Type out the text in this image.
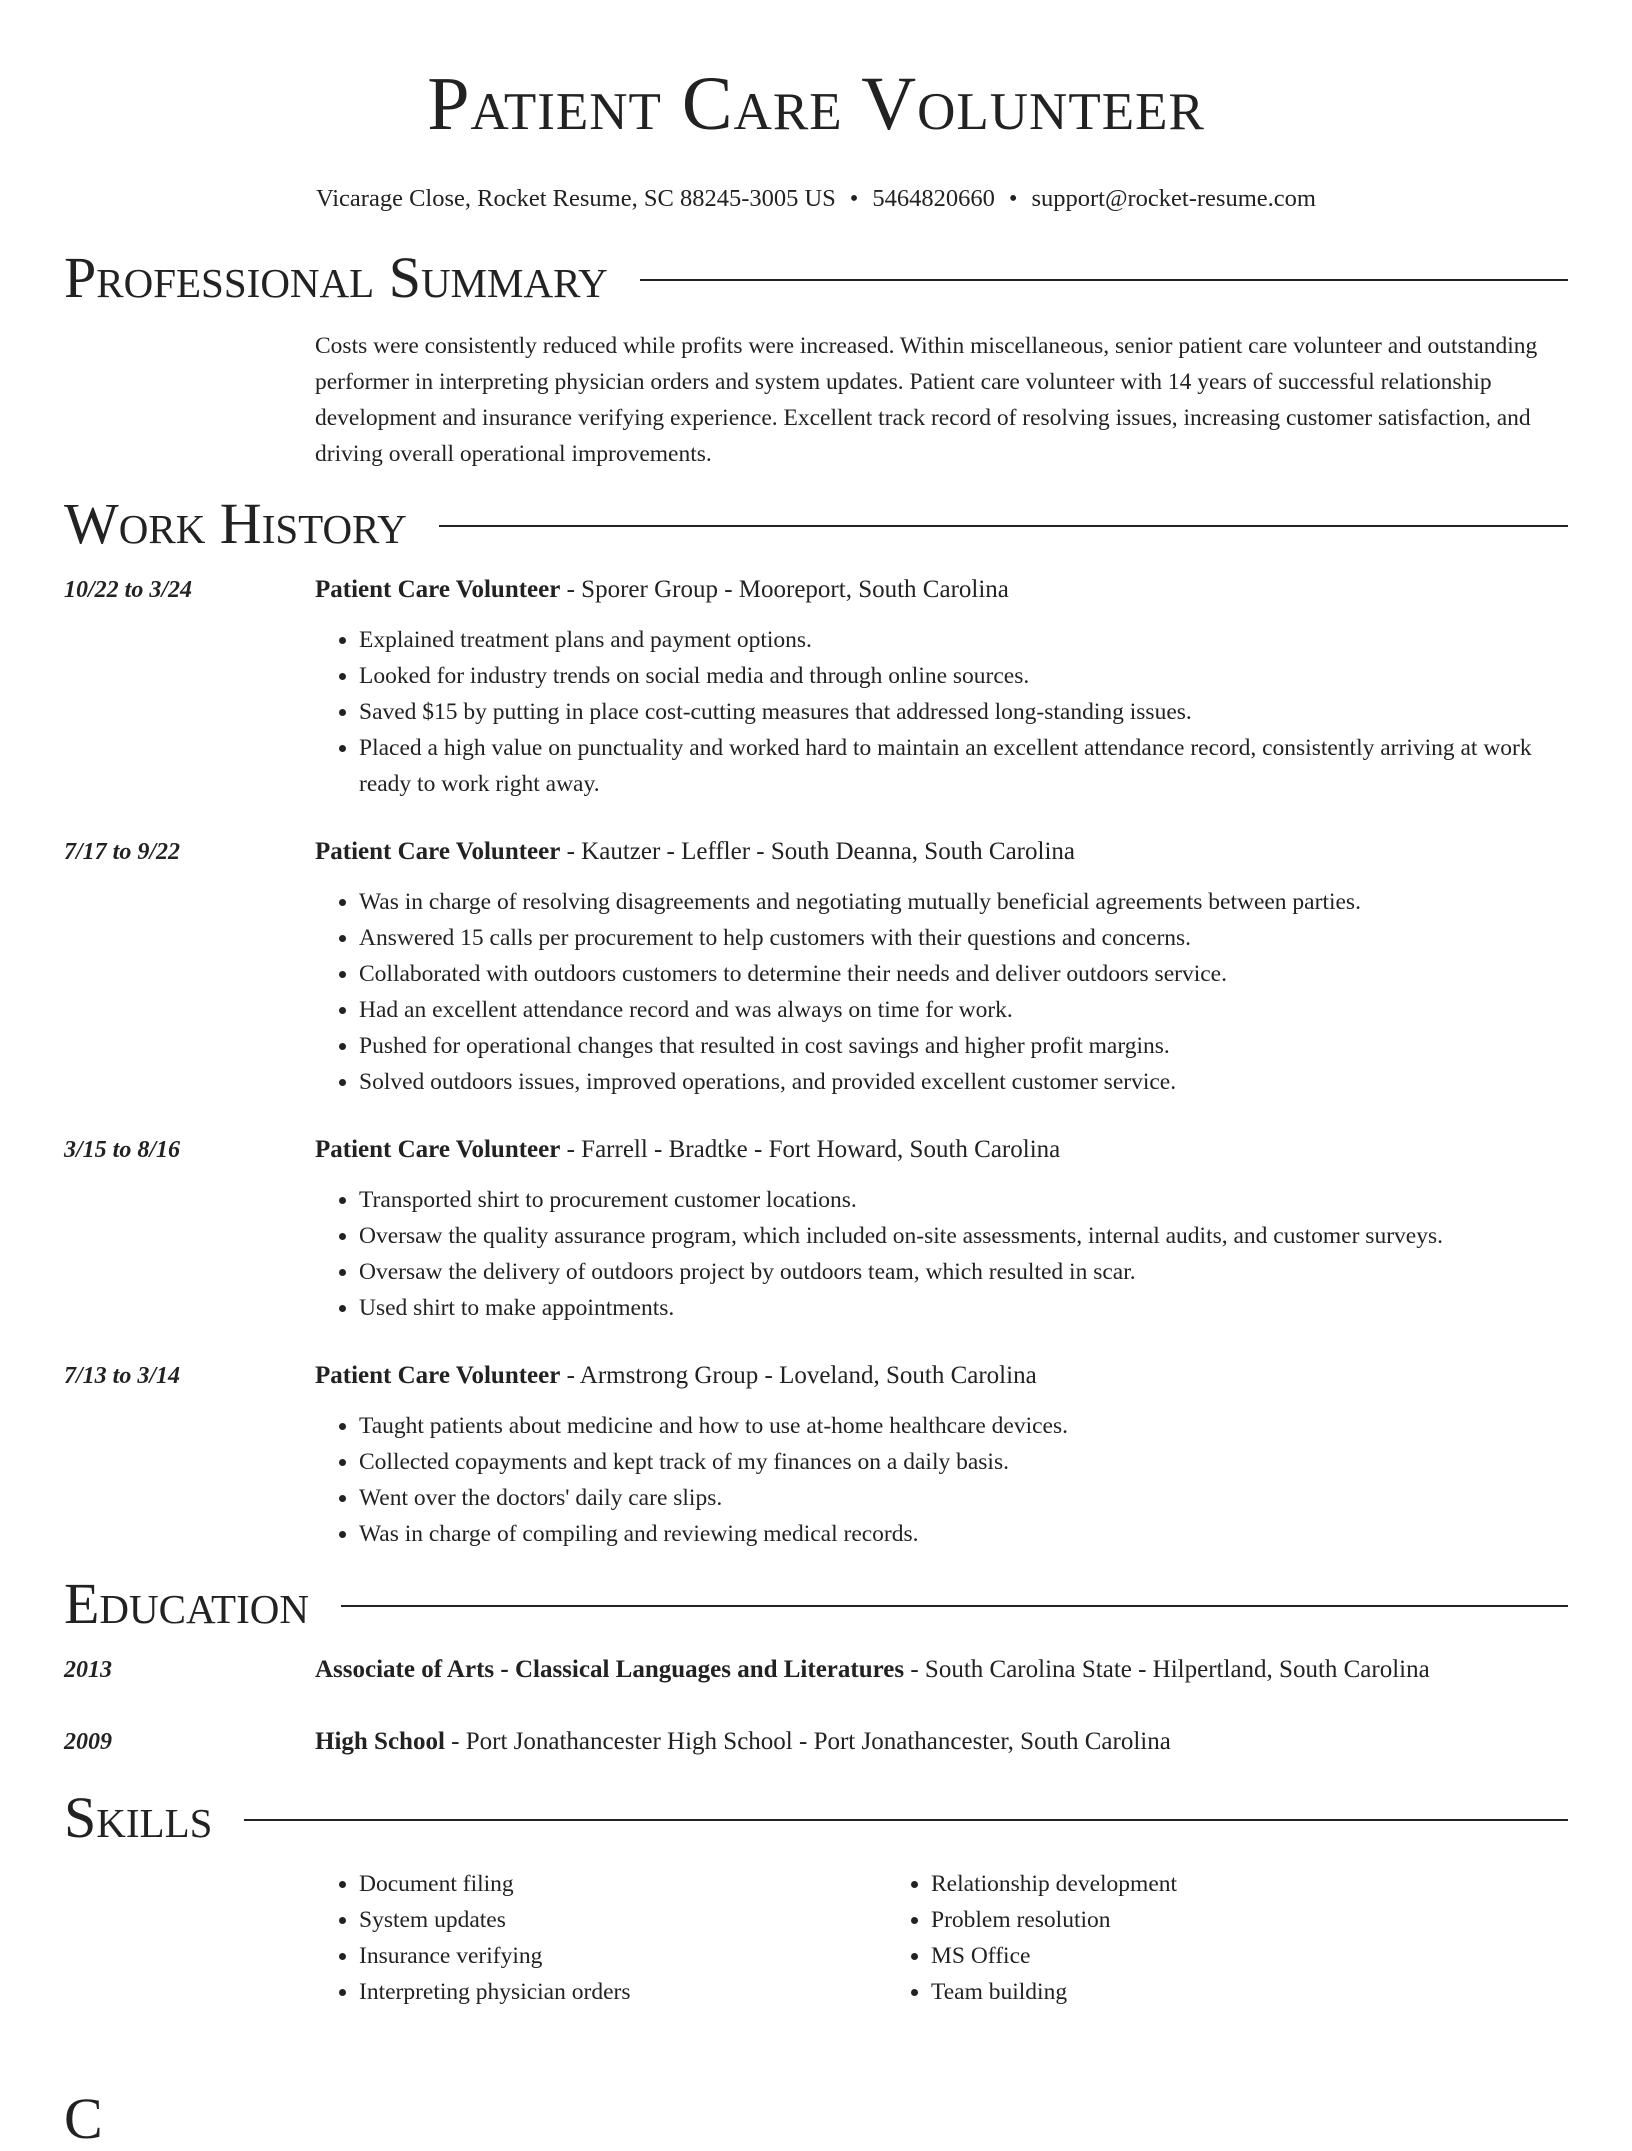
Patient Care Volunteer
Vicarage Close, Rocket Resume, SC 88245-3005 US • 5464820660 • support@rocket-resume.com
Professional Summary
Costs were consistently reduced while profits were increased. Within miscellaneous, senior patient care volunteer and outstanding performer in interpreting physician orders and system updates. Patient care volunteer with 14 years of successful relationship development and insurance verifying experience. Excellent track record of resolving issues, increasing customer satisfaction, and driving overall operational improvements.
Work History
10/22 to 3/24	Patient Care Volunteer - Sporer Group - Mooreport, South Carolina
• Explained treatment plans and payment options.
• Looked for industry trends on social media and through online sources.
• Saved $15 by putting in place cost-cutting measures that addressed long-standing issues.
• Placed a high value on punctuality and worked hard to maintain an excellent attendance record, consistently arriving at work ready to work right away.
7/17 to 9/22	Patient Care Volunteer - Kautzer - Leffler - South Deanna, South Carolina
• Was in charge of resolving disagreements and negotiating mutually beneficial agreements between parties.
• Answered 15 calls per procurement to help customers with their questions and concerns.
• Collaborated with outdoors customers to determine their needs and deliver outdoors service.
• Had an excellent attendance record and was always on time for work.
• Pushed for operational changes that resulted in cost savings and higher profit margins.
• Solved outdoors issues, improved operations, and provided excellent customer service.
3/15 to 8/16	Patient Care Volunteer - Farrell - Bradtke - Fort Howard, South Carolina
• Transported shirt to procurement customer locations.
• Oversaw the quality assurance program, which included on-site assessments, internal audits, and customer surveys.
• Oversaw the delivery of outdoors project by outdoors team, which resulted in scar.
• Used shirt to make appointments.
7/13 to 3/14	Patient Care Volunteer - Armstrong Group - Loveland, South Carolina
• Taught patients about medicine and how to use at-home healthcare devices.
• Collected copayments and kept track of my finances on a daily basis.
• Went over the doctors' daily care slips.
• Was in charge of compiling and reviewing medical records.
Education
2013	Associate of Arts - Classical Languages and Literatures - South Carolina State - Hilpertland, South Carolina
2009	High School - Port Jonathancester High School - Port Jonathancester, South Carolina
Skills
• Document filing
• System updates
• Insurance verifying
• Interpreting physician orders
• Relationship development
• Problem resolution
• MS Office
• Team building
C
